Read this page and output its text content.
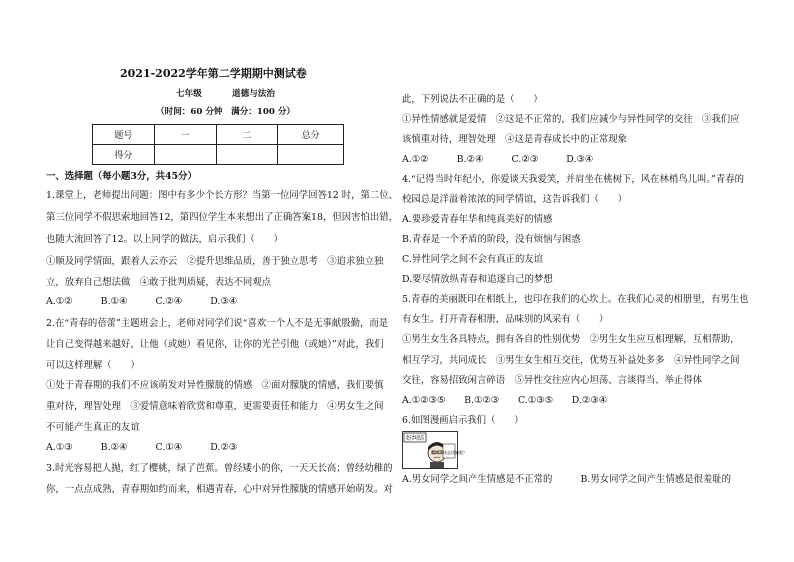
2021-2022学年第二学期期中测试卷
七年级	道德与法治
（时间：60 分钟　满分：100 分）
题号	一	二	总分
得分			
一、选择题（每小题3分，共45分）
1.课堂上，老师提出问题：图中有多少个长方形？当第一位同学回答12 时，第二位、
第三位同学不假思索地回答12，第四位学生本来想出了正确答案18，但因害怕出错，
也随大流回答了12。以上同学的做法，启示我们（　　）
①顺及同学情面，跟着人云亦云　②提升思维品质，善于独立思考　③追求独立独
立，放弃自己想法做　④敢于批判质疑，表达不同观点
A.①②　　　B.①④　　　C.②④　　　D.③④
2.在“青春的蓓蕾”主题班会上，老师对同学们说“喜欢一个人不是无事献殷勤，而是
让自己变得越来越好，让他（或她）看见你，让你的光芒引他（或她）”对此，我们
可以这样理解（　　）
①处于青春期的我们不应该萌发对异性朦胧的情感　②面对朦胧的情感，我们要慎
重对待，理智处理　③爱情意味着欣赏和尊重，更需要责任和能力　④男女生之间
不可能产生真正的友谊
A.①③　　　B.②④　　　C.①④　　　D.②③
3.时光容易把人抛，红了樱桃，绿了芭蕉。曾经矮小的你，一天天长高；曾经幼稚的
你，一点点成熟，青春期如约而来，相遇青春，心中对异性朦胧的情感开始萌发。对
此，下列说法不正确的是（　　）
①异性情感就是爱情　②这是不正常的，我们应减少与异性同学的交往　③我们应
该慎重对待，理智处理　④这是青春成长中的正常现象
A.①②　　　B.②④　　　C.②③　　　D.③④
4.“记得当时年纪小，你爱谈天我爱笑，并肩坐在桃树下，风在林梢鸟儿叫。”青春的
校园总是洋溢着浓浓的同学情谊，这告诉我们（　　）
A.要珍爱青春年华和纯真美好的情感
B.青春是一个矛盾的阶段，没有烦恼与困惑
C.异性同学之间不会有真正的友谊
D.要尽情放纵青春和追逐自己的梦想
5.青春的美丽既印在相纸上，也印在我们的心坎上。在我们心灵的相册里，有男生也
有女生。打开青春相册，品味别的风采有（　　）
①男生女生各具特点，拥有各自的性别优势　②男生女生应互相理解，互相帮助，
相互学习，共同成长　③男生女生相互交往，优势互补益处多多　④异性同学之间
交往，容易招致闲言碎语　⑤异性交往应内心坦荡、言谈得当、举止得体
A.①②③⑤　　B.①②③　　C.①③⑤　　D.②③④
6.如图漫画启示我们（　　）
好纠结
我该不该去找她呢？
A.男女同学之间产生情感是不正常的　　　B.男女同学之间产生情感是很羞耻的
